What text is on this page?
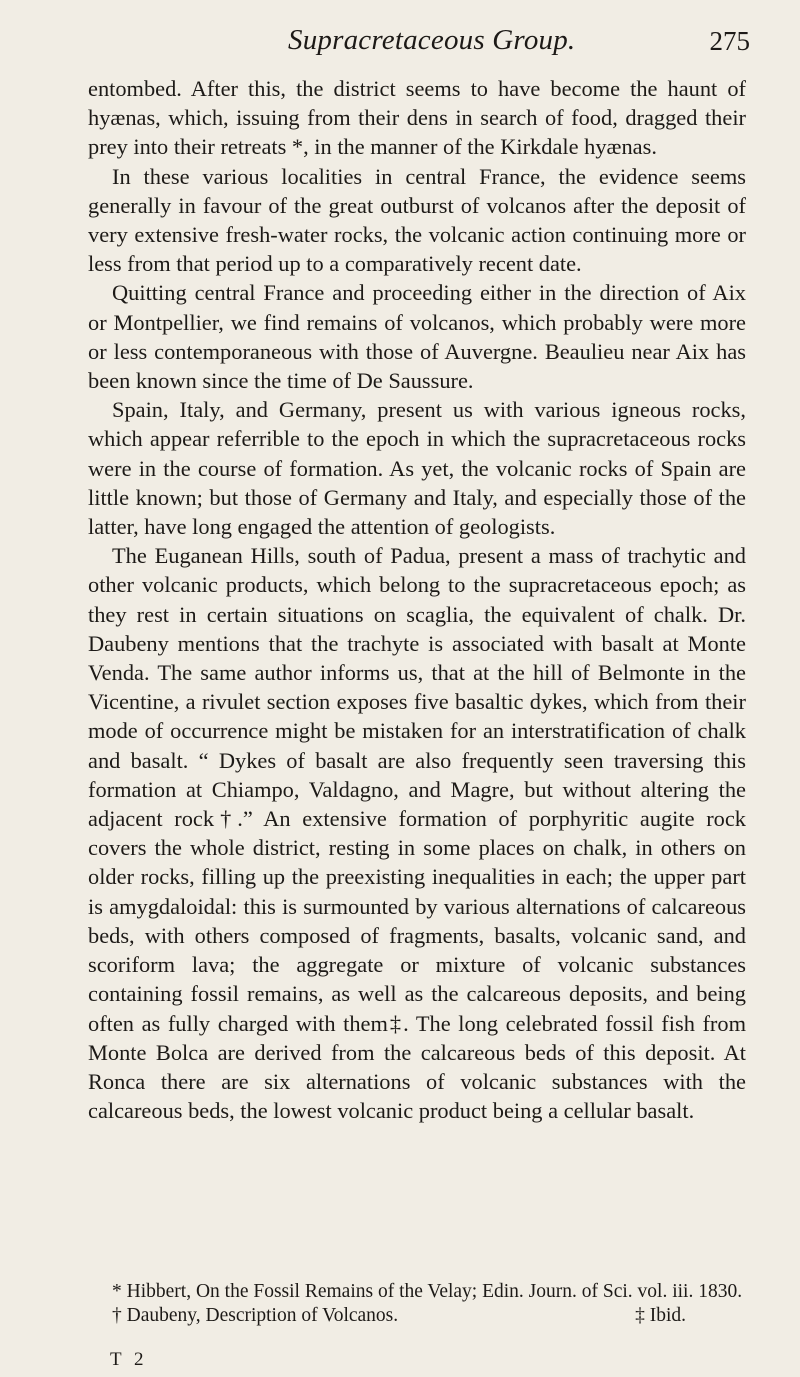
Supracretaceous Group.	275

entombed. After this, the district seems to have become the haunt of hyænas, which, issuing from their dens in search of food, dragged their prey into their retreats *, in the manner of the Kirkdale hyænas.

In these various localities in central France, the evidence seems generally in favour of the great outburst of volcanos after the deposit of very extensive fresh-water rocks, the volcanic action continuing more or less from that period up to a comparatively recent date.

Quitting central France and proceeding either in the direction of Aix or Montpellier, we find remains of volcanos, which probably were more or less contemporaneous with those of Auvergne. Beaulieu near Aix has been known since the time of De Saussure.

Spain, Italy, and Germany, present us with various igneous rocks, which appear referrible to the epoch in which the supracretaceous rocks were in the course of formation. As yet, the volcanic rocks of Spain are little known; but those of Germany and Italy, and especially those of the latter, have long engaged the attention of geologists.

The Euganean Hills, south of Padua, present a mass of trachytic and other volcanic products, which belong to the supracretaceous epoch; as they rest in certain situations on scaglia, the equivalent of chalk. Dr. Daubeny mentions that the trachyte is associated with basalt at Monte Venda. The same author informs us, that at the hill of Belmonte in the Vicentine, a rivulet section exposes five basaltic dykes, which from their mode of occurrence might be mistaken for an interstratification of chalk and basalt. “ Dykes of basalt are also frequently seen traversing this formation at Chiampo, Valdagno, and Magre, but without altering the adjacent rock†.” An extensive formation of porphyritic augite rock covers the whole district, resting in some places on chalk, in others on older rocks, filling up the preexisting inequalities in each; the upper part is amygdaloidal: this is surmounted by various alternations of calcareous beds, with others composed of fragments, basalts, volcanic sand, and scoriform lava; the aggregate or mixture of volcanic substances containing fossil remains, as well as the calcareous deposits, and being often as fully charged with them‡. The long celebrated fossil fish from Monte Bolca are derived from the calcareous beds of this deposit. At Ronca there are six alternations of volcanic substances with the calcareous beds, the lowest volcanic product being a cellular basalt.

* Hibbert, On the Fossil Remains of the Velay; Edin. Journ. of Sci. vol. iii. 1830.

† Daubeny, Description of Volcanos.	‡ Ibid.
T 2
